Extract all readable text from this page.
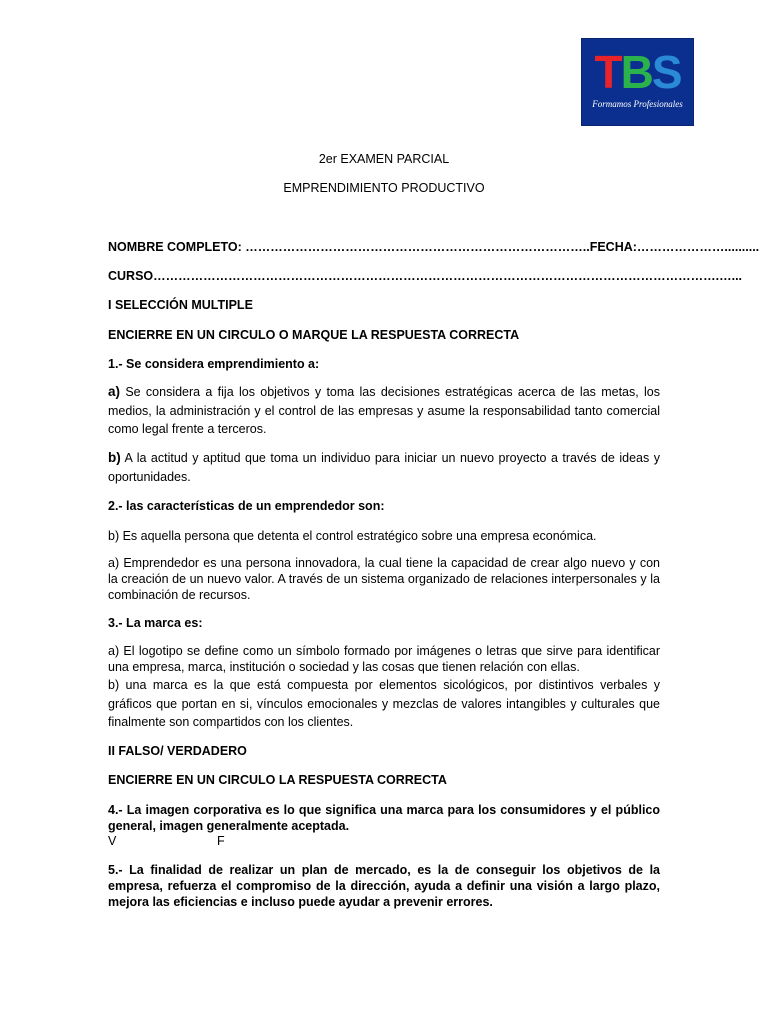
TBS
Formamos Profesionales
2er EXAMEN PARCIAL
EMPRENDIMIENTO PRODUCTIVO
NOMBRE COMPLETO: ………………………………………………………………………..FECHA:…………………..........
CURSO……………………………………………………………………………………………………………………….…...
I SELECCIÓN MULTIPLE
ENCIERRE EN UN CIRCULO O MARQUE LA RESPUESTA CORRECTA
1.- Se considera emprendimiento a:
a) Se considera a fija los objetivos y toma las decisiones estratégicas acerca de las metas, los medios, la administración y el control de las empresas y asume la responsabilidad tanto comercial como legal frente a terceros.
b) A la actitud y aptitud que toma un individuo para iniciar un nuevo proyecto a través de ideas y oportunidades.
2.- las características de un emprendedor son:
b) Es aquella persona que detenta el control estratégico sobre una empresa económica.
a) Emprendedor es una persona innovadora, la cual tiene la capacidad de crear algo nuevo y con la creación de un nuevo valor. A través de un sistema organizado de relaciones interpersonales y la combinación de recursos.
3.- La marca es:
a) El logotipo se define como un símbolo formado por imágenes o letras que sirve para identificar una empresa, marca, institución o sociedad y las cosas que tienen relación con ellas.
b) una marca es la que está compuesta por elementos sicológicos, por distintivos verbales y gráficos que portan en si, vínculos emocionales y mezclas de valores intangibles y culturales que finalmente son compartidos con los clientes.
II FALSO/ VERDADERO
ENCIERRE EN UN CIRCULO LA RESPUESTA CORRECTA
4.- La imagen corporativa es lo que significa una marca para los consumidores y el público general, imagen generalmente aceptada.
V	F
5.- La finalidad de realizar un plan de mercado, es la de conseguir los objetivos de la empresa, refuerza el compromiso de la dirección, ayuda a definir una visión a largo plazo, mejora las eficiencias e incluso puede ayudar a prevenir errores.
